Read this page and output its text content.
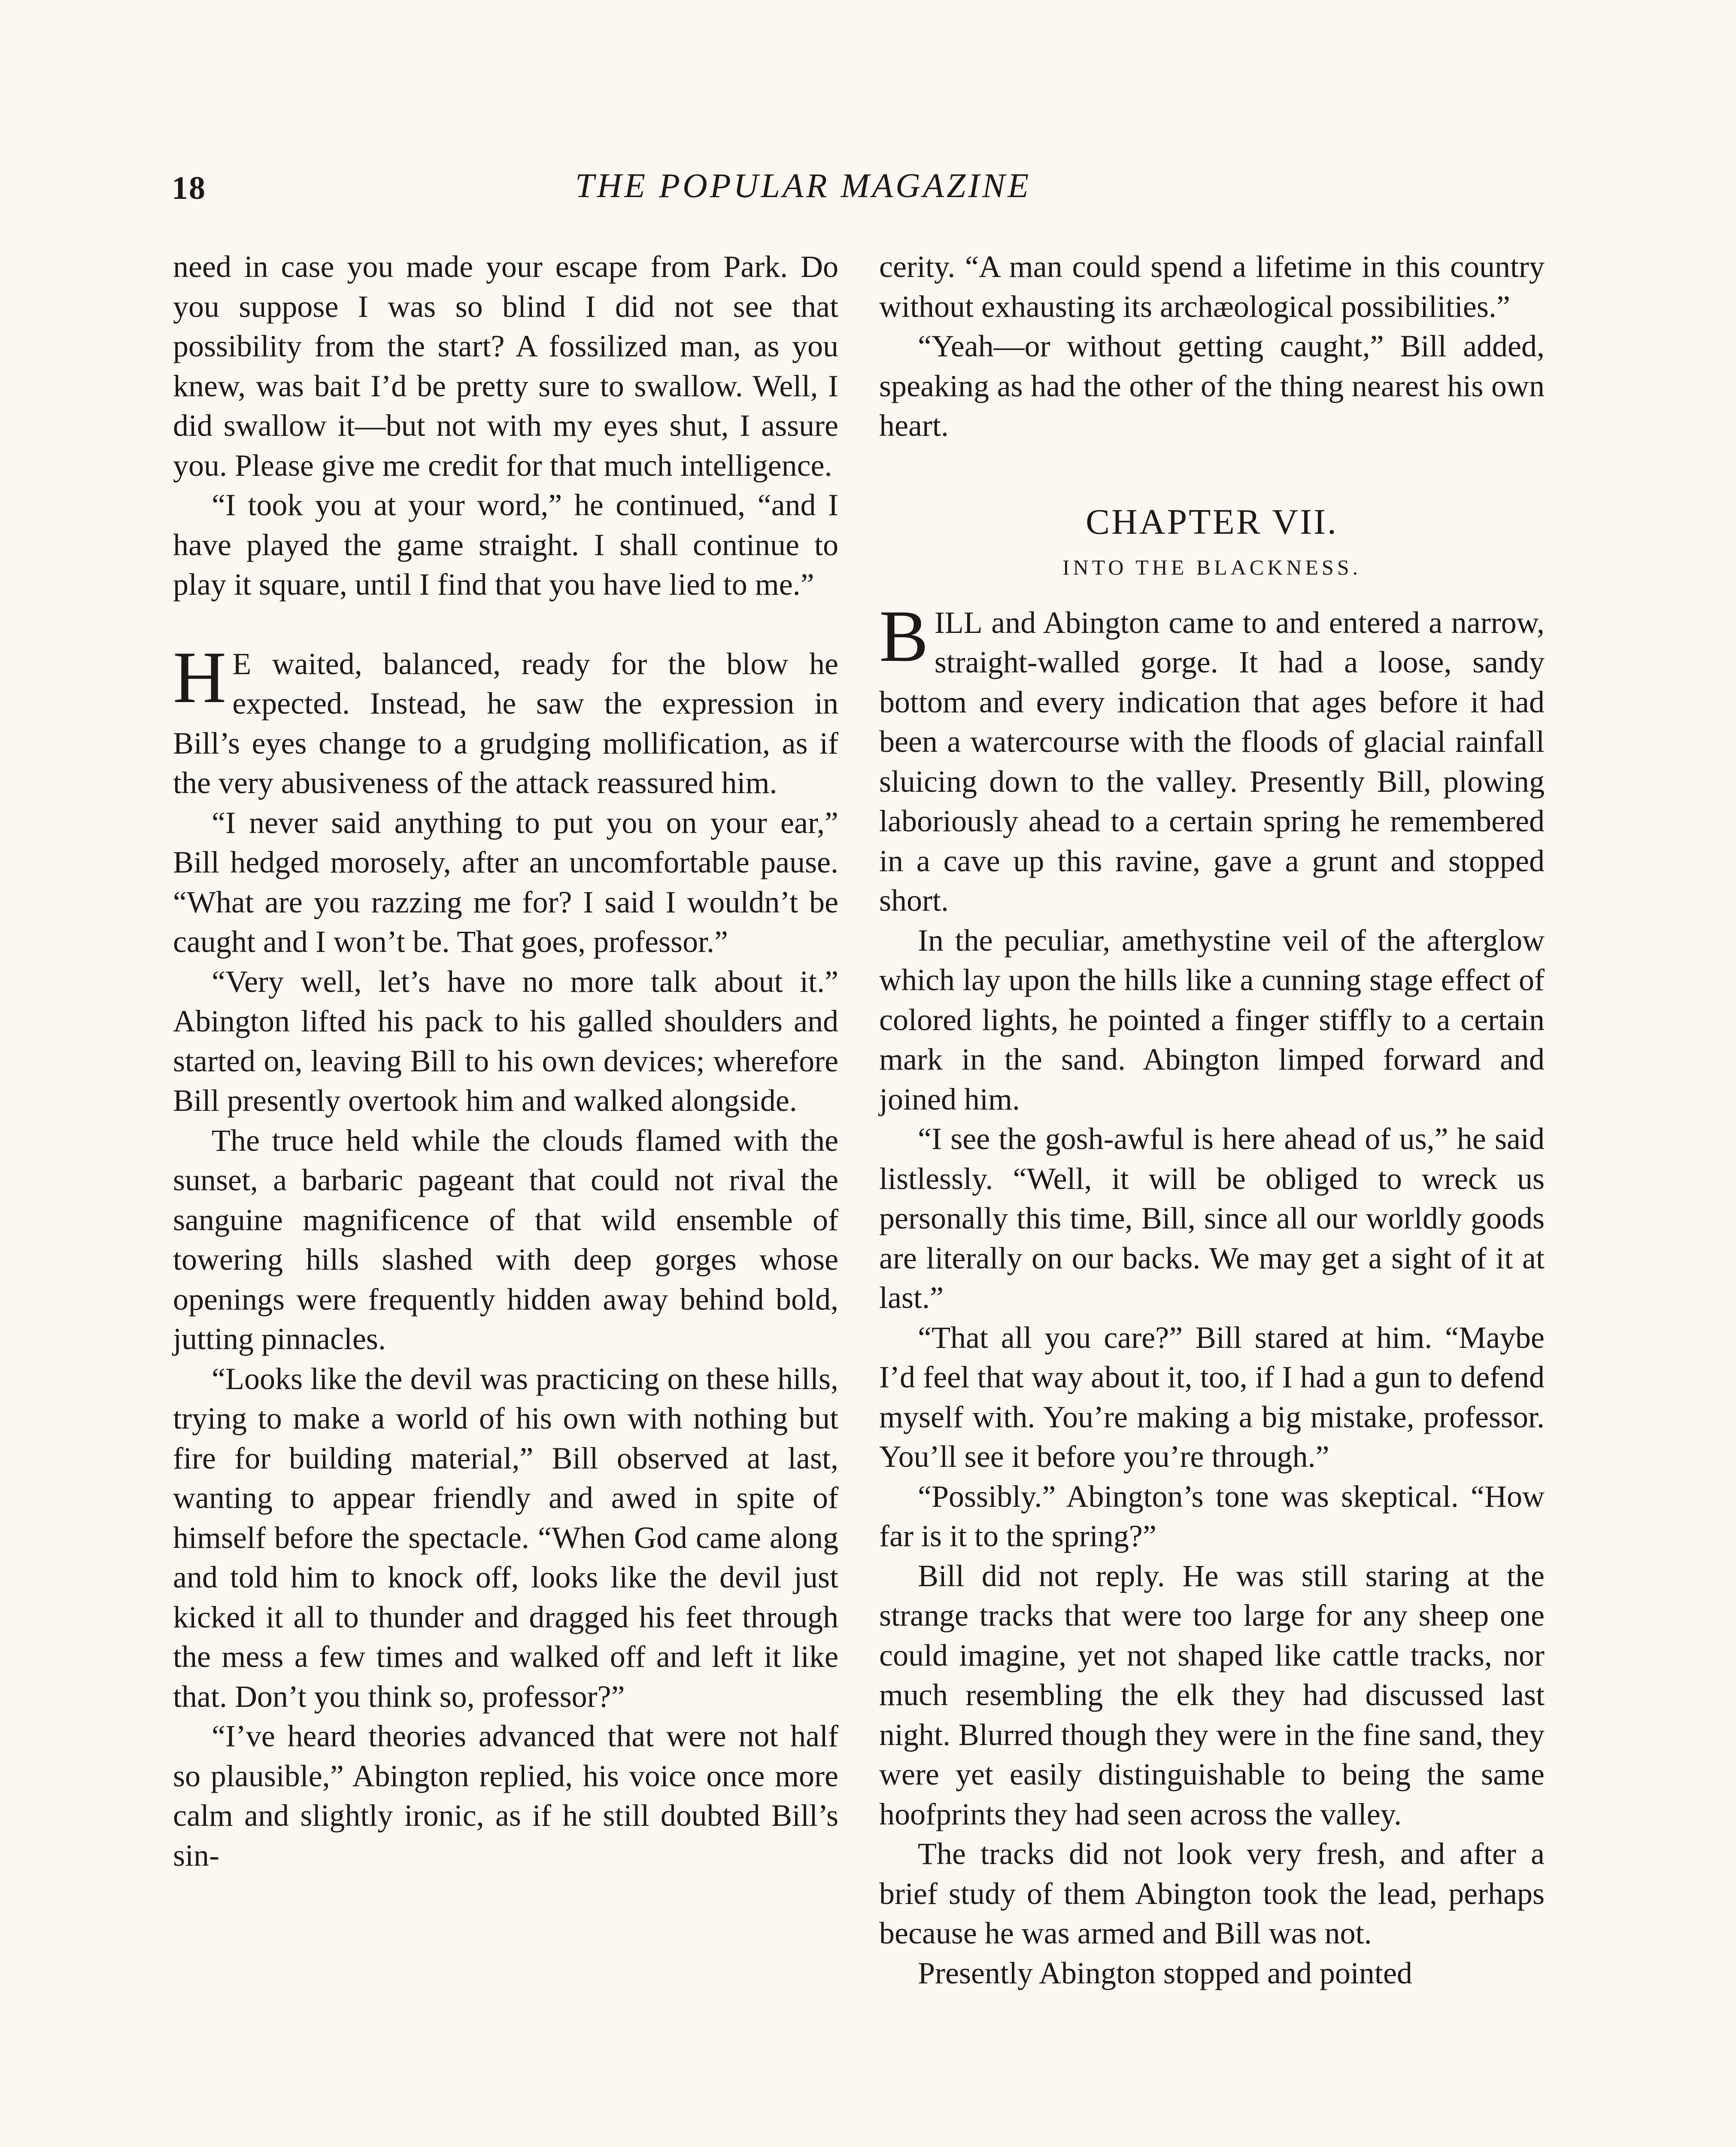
18	THE POPULAR MAGAZINE

need in case you made your escape from Park. Do you suppose I was so blind I did not see that possibility from the start? A fossilized man, as you knew, was bait I’d be pretty sure to swallow. Well, I did swallow it—but not with my eyes shut, I assure you. Please give me credit for that much intelligence.

“I took you at your word,” he continued, “and I have played the game straight. I shall continue to play it square, until I find that you have lied to me.”

H E waited, balanced, ready for the blow he expected. Instead, he saw the expression in Bill’s eyes change to a grudging mollification, as if the very abusiveness of the attack reassured him.

“I never said anything to put you on your ear,” Bill hedged morosely, after an uncomfortable pause. “What are you razzing me for? I said I wouldn’t be caught and I won’t be. That goes, professor.”

“Very well, let’s have no more talk about it.” Abington lifted his pack to his galled shoulders and started on, leaving Bill to his own devices; wherefore Bill presently overtook him and walked alongside.

The truce held while the clouds flamed with the sunset, a barbaric pageant that could not rival the sanguine magnificence of that wild ensemble of towering hills slashed with deep gorges whose openings were frequently hidden away behind bold, jutting pinnacles.

“Looks like the devil was practicing on these hills, trying to make a world of his own with nothing but fire for building material,” Bill observed at last, wanting to appear friendly and awed in spite of himself before the spectacle. “When God came along and told him to knock off, looks like the devil just kicked it all to thunder and dragged his feet through the mess a few times and walked off and left it like that. Don’t you think so, professor?”

“I’ve heard theories advanced that were not half so plausible,” Abington replied, his voice once more calm and slightly ironic, as if he still doubted Bill’s sin-

cerity. “A man could spend a lifetime in this country without exhausting its archæological possibilities.”

“Yeah—or without getting caught,” Bill added, speaking as had the other of the thing nearest his own heart.

CHAPTER VII.
INTO THE BLACKNESS.

BILL and Abington came to and entered a narrow, straight-walled gorge. It had a loose, sandy bottom and every indication that ages before it had been a watercourse with the floods of glacial rainfall sluicing down to the valley. Presently Bill, plowing laboriously ahead to a certain spring he remembered in a cave up this ravine, gave a grunt and stopped short.

In the peculiar, amethystine veil of the afterglow which lay upon the hills like a cunning stage effect of colored lights, he pointed a finger stiffly to a certain mark in the sand. Abington limped forward and joined him.

“I see the gosh-awful is here ahead of us,” he said listlessly. “Well, it will be obliged to wreck us personally this time, Bill, since all our worldly goods are literally on our backs. We may get a sight of it at last.”

“That all you care?” Bill stared at him. “Maybe I’d feel that way about it, too, if I had a gun to defend myself with. You’re making a big mistake, professor. You’ll see it before you’re through.”

“Possibly.” Abington’s tone was skeptical. “How far is it to the spring?”

Bill did not reply. He was still staring at the strange tracks that were too large for any sheep one could imagine, yet not shaped like cattle tracks, nor much resembling the elk they had discussed last night. Blurred though they were in the fine sand, they were yet easily distinguishable to being the same hoofprints they had seen across the valley.

The tracks did not look very fresh, and after a brief study of them Abington took the lead, perhaps because he was armed and Bill was not.

Presently Abington stopped and pointed
